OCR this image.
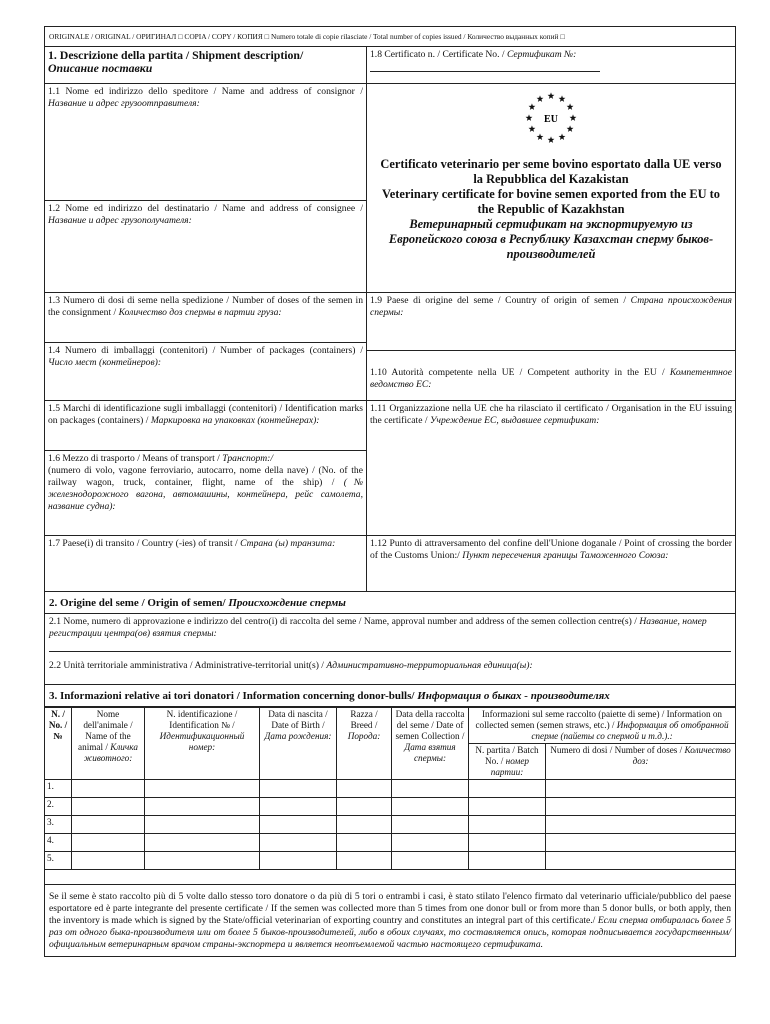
ORIGINALE / ORIGINAL / ОРИГИНАЛ □ COPIA / COPY / КОПИЯ □ Numero totale di copie rilasciate / Total number of copies issued / Количество выданных копий □
1. Descrizione della partita / Shipment description/
Описание поставки
1.1 Nome ed indirizzo dello speditore / Name and address of consignor / Название и адрес грузоотправителя:
1.2 Nome ed indirizzo del destinatario / Name and address of consignee / Название и адрес грузополучателя:
1.3 Numero di dosi di seme nella spedizione / Number of doses of the semen in the consignment / Количество доз спермы в партии груза:
1.4 Numero di imballaggi (contenitori) / Number of packages (containers) / Число мест (контейнеров):
1.5 Marchi di identificazione sugli imballaggi (contenitori) / Identification marks on packages (containers) / Маркировка на упаковках (контейнерах):
1.6 Mezzo di trasporto / Means of transport / Транспорт:/
(numero di volo, vagone ferroviario, autocarro, nome della nave) / (No. of the railway wagon, truck, container, flight, name of the ship) / (№ железнодорожного вагона, автомашины, контейнера, рейс самолета, название судна):
1.7 Paese(i) di transito / Country (-ies) of transit / Страна (ы) транзита:
1.8 Certificato n. / Certificate No. / Сертификат №:
EU
Certificato veterinario per seme bovino esportato dalla UE verso la Repubblica del Kazakistan
Veterinary certificate for bovine semen exported from the EU to the Republic of Kazakhstan
Ветеринарный сертификат на экспортируемую из Европейского союза в Республику Казахстан сперму быков-производителей
1.9 Paese di origine del seme / Country of origin of semen / Страна происхождения спермы:
1.10 Autorità competente nella UE / Competent authority in the EU / Компетентное ведомство ЕС:
1.11 Organizzazione nella UE che ha rilasciato il certificato / Organisation in the EU issuing the certificate / Учреждение ЕС, выдавшее сертификат:
1.12 Punto di attraversamento del confine dell'Unione doganale / Point of crossing the border of the Customs Union:/ Пункт пересечения границы Таможенного Союза:
2. Origine del seme / Origin of semen/ Происхождение спермы
2.1 Nome, numero di approvazione e indirizzo del centro(i) di raccolta del seme / Name, approval number and address of the semen collection centre(s) / Название, номер регистрации центра(ов) взятия спермы:
2.2 Unità territoriale amministrativa / Administrative-territorial unit(s) / Административно-территориальная единица(ы):
3. Informazioni relative ai tori donatori / Information concerning donor-bulls/ Информация о быках - производителях
N. / No. /№	Nome dell'animale / Name of the animal / Кличка животного:	N. identificazione / Identification № / Идентификационный номер:	Data di nascita / Date of Birth / Дата рождения:	Razza / Breed / Порода:	Data della raccolta del seme / Date of semen Collection / Дата взятия спермы:	Informazioni sul seme raccolto (paiette di seme) / Information on collected semen (semen straws, etc.) / Информация об отобранной сперме (пайеты со спермой и т.д.).:	
						N. partita / Batch No. / номер партии:	Numero di dosi / Number of doses / Количество доз:
1.							
2.							
3.							
4.							
5.							
Se il seme è stato raccolto più di 5 volte dallo stesso toro donatore o da più di 5 tori o entrambi i casi, è stato stilato l'elenco firmato dal veterinario ufficiale/pubblico del paese esportatore ed è parte integrante del presente certificate / If the semen was collected more than 5 times from one donor bull or from more than 5 donor bulls, or both apply, then the inventory is made which is signed by the State/official veterinarian of exporting country and constitutes an integral part of this certificate./ Если сперма отбиралась более 5 раз от одного быка-производителя или от более 5 быков-производителей, либо в обоих случаях, то составляется опись, которая подписывается государственным/официальным ветеринарным врачом страны-экспортера и является неотъемлемой частью настоящего сертификата.
